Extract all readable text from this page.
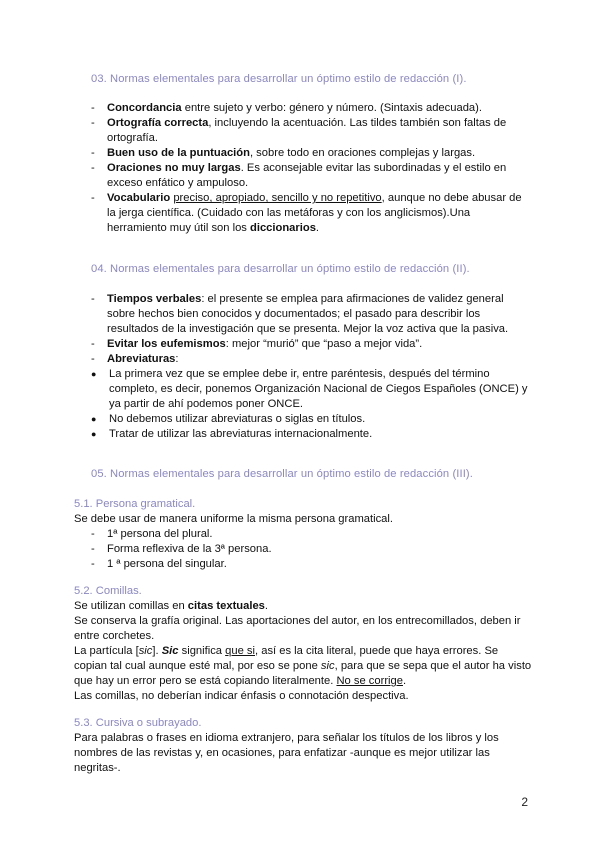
03. Normas elementales para desarrollar un óptimo estilo de redacción (I).
- Concordancia entre sujeto y verbo: género y número. (Sintaxis adecuada).
- Ortografía correcta, incluyendo la acentuación. Las tildes también son faltas de ortografía.
- Buen uso de la puntuación, sobre todo en oraciones complejas y largas.
- Oraciones no muy largas. Es aconsejable evitar las subordinadas y el estilo en exceso enfático y ampuloso.
- Vocabulario preciso, apropiado, sencillo y no repetitivo, aunque no debe abusar de la jerga científica. (Cuidado con las metáforas y con los anglicismos).Una herramiento muy útil son los diccionarios.
04. Normas elementales para desarrollar un óptimo estilo de redacción (II).
- Tiempos verbales: el presente se emplea para afirmaciones de validez general sobre hechos bien conocidos y documentados; el pasado para describir los resultados de la investigación que se presenta. Mejor la voz activa que la pasiva.
- Evitar los eufemismos: mejor “murió” que “paso a mejor vida”.
- Abreviaturas:
● La primera vez que se emplee debe ir, entre paréntesis, después del término completo, es decir, ponemos Organización Nacional de Ciegos Españoles (ONCE) y ya partir de ahí podemos poner ONCE.
● No debemos utilizar abreviaturas o siglas en títulos.
● Tratar de utilizar las abreviaturas internacionalmente.
05. Normas elementales para desarrollar un óptimo estilo de redacción (III).
5.1. Persona gramatical.
Se debe usar de manera uniforme la misma persona gramatical.
- 1ª persona del plural.
- Forma reflexiva de la 3ª persona.
- 1 ª persona del singular.
5.2. Comillas.

Se utilizan comillas en citas textuales.

Se conserva la grafía original. Las aportaciones del autor, en los entrecomillados, deben ir entre corchetes.

La partícula [sic]. Sic significa que si, así es la cita literal, puede que haya errores. Se copian tal cual aunque esté mal, por eso se pone sic, para que se sepa que el autor ha visto que hay un error pero se está copiando literalmente. No se corrige.

Las comillas, no deberían indicar énfasis o connotación despectiva.

5.3. Cursiva o subrayado.
Para palabras o frases en idioma extranjero, para señalar los títulos de los libros y los nombres de las revistas y, en ocasiones, para enfatizar -aunque es mejor utilizar las negritas-.
2
